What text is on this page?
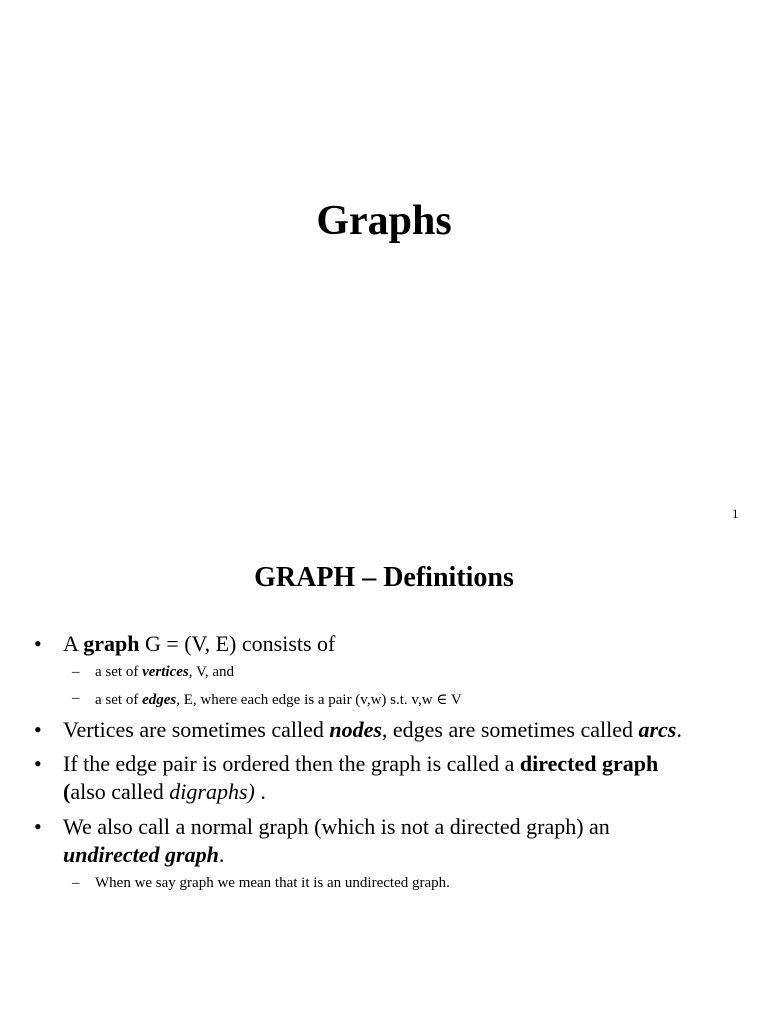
Graphs
1
GRAPH – Definitions
• A graph G = (V, E) consists of
– a set of vertices, V, and
– a set of edges, E, where each edge is a pair (v,w) s.t. v,w ∈ V
• Vertices are sometimes called nodes, edges are sometimes called arcs.
• If the edge pair is ordered then the graph is called a directed graph
(also called digraphs) .
• We also call a normal graph (which is not a directed graph) an
undirected graph.
– When we say graph we mean that it is an undirected graph.
